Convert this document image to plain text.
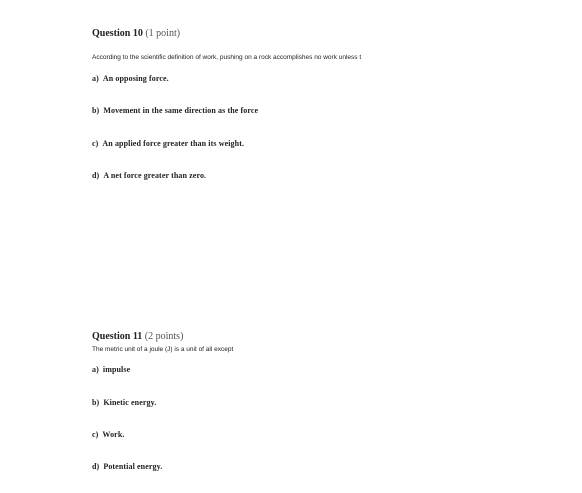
Question 10 (1 point)
According to the scientific definition of work, pushing on a rock accomplishes no work unless t
a) An opposing force.
b) Movement in the same direction as the force
c) An applied force greater than its weight.
d) A net force greater than zero.
Question 11 (2 points)
The metric unit of a joule (J) is a unit of all except
a) impulse
b) Kinetic energy.
c) Work.
d) Potential energy.
